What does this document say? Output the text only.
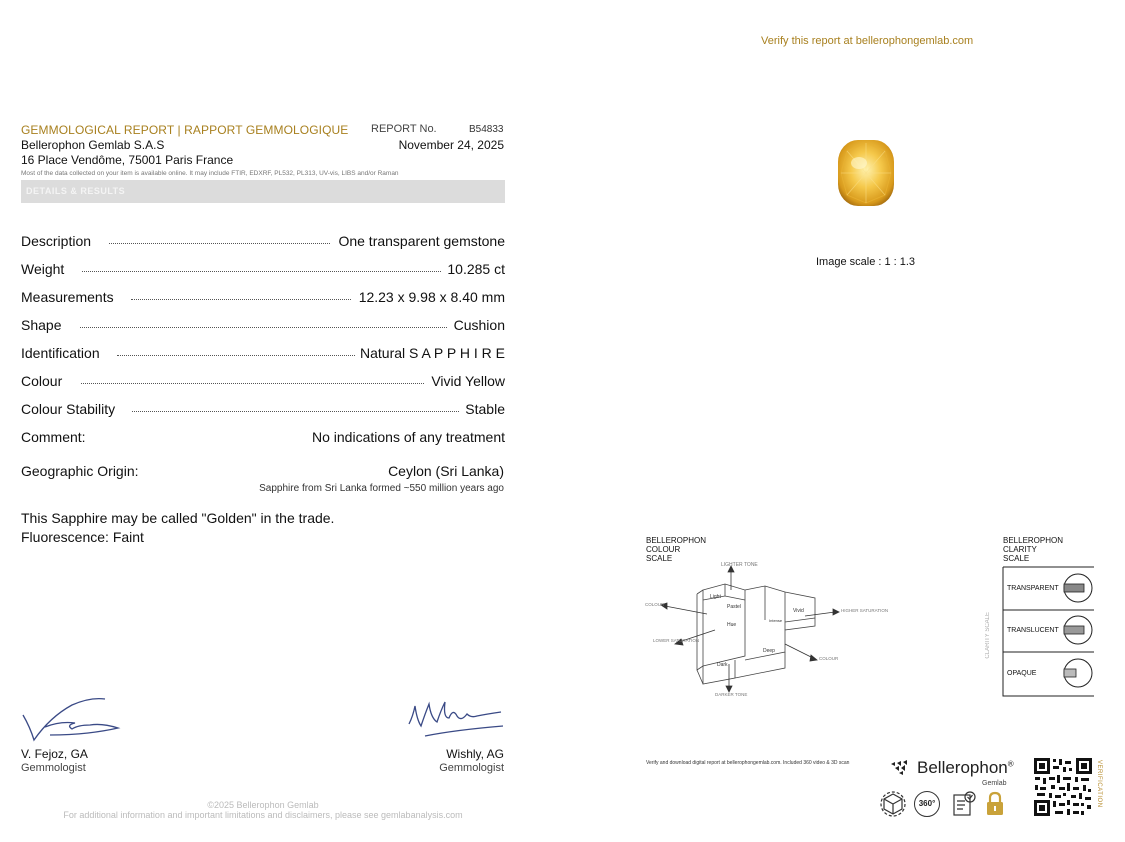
Verify this report at bellerophongemlab.com
GEMMOLOGICAL REPORT | RAPPORT GEMMOLOGIQUE REPORT No.	B54833
Bellerophon Gemlab S.A.S
16 Place Vendôme, 75001 Paris France
November 24, 2025
Most of the data collected on your item is available online. It may include FTIR, EDXRF, PL532, PL313, UV-vis, LIBS and/or Raman
DETAILS & RESULTS
Description	One transparent gemstone
Weight	10.285 ct
Measurements	12.23 x 9.98 x 8.40 mm
Shape	Cushion
Identification	Natural S A P P H I R E
Colour	Vivid Yellow
Colour Stability	Stable
Comment:	No indications of any treatment
Geographic Origin:	Ceylon (Sri Lanka)
Sapphire from Sri Lanka formed ~550 million years ago
This Sapphire may be called "Golden" in the trade.
Fluorescence: Faint
V. Fejoz, GA
Gemmologist
Wishly, AG
Gemmologist
©2025 Bellerophon Gemlab
For additional information and important limitations and disclaimers, please see gemlabanalysis.com
Image scale : 1 : 1.3
BELLEROPHON
COLOUR
SCALE
LIGHTER TONE
COLOUR
LOWER SATURATION
HIGHER SATURATION
COLOUR
DARKER TONE
Light
Pastel
Hue
Vivid
Intense
Dark
Deep
BELLEROPHON
CLARITY
SCALE
CLARITY SCALE
TRANSPARENT
TRANSLUCENT
OPAQUE
Verify and download digital report at bellerophongemlab.com. Included 360 video & 3D scan	Bellerophon®
Gemlab
360°	VERIFICATION
